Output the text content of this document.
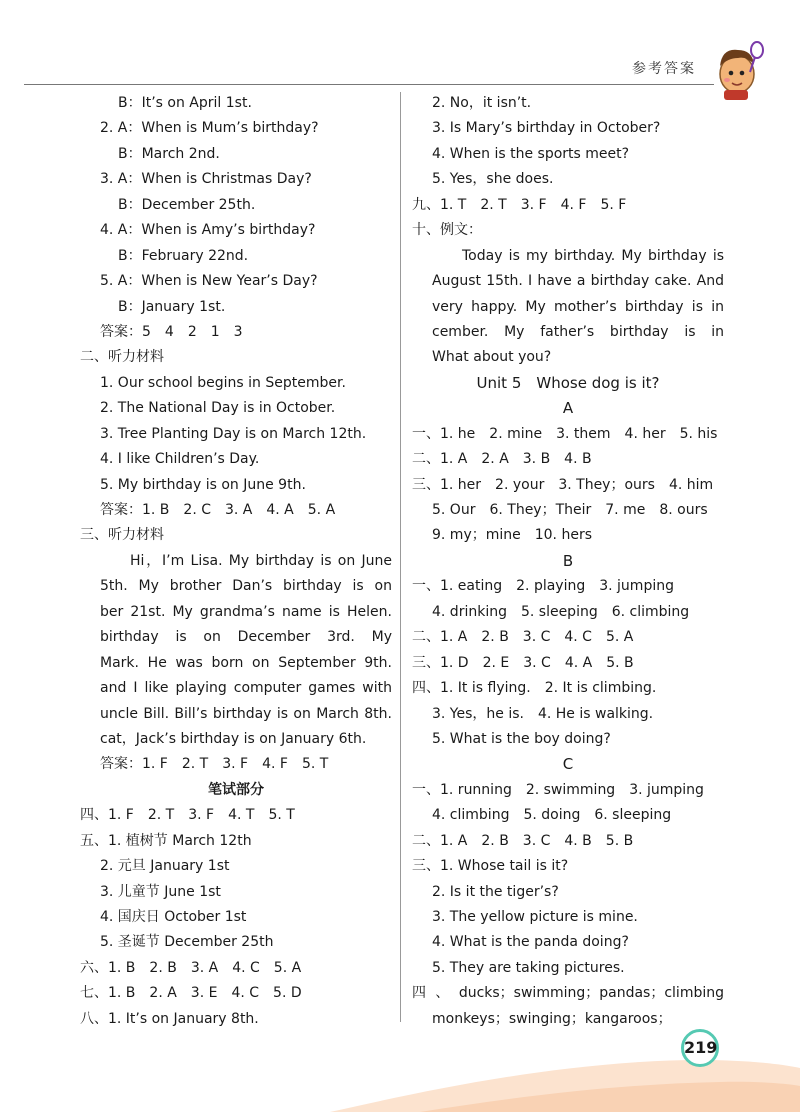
参考答案
B：It’s on April 1st.
2. A：When is Mum’s birthday?
B：March 2nd.
3. A：When is Christmas Day?
B：December 25th.
4. A：When is Amy’s birthday?
B：February 22nd.
5. A：When is New Year’s Day?
B：January 1st.
答案：5　4　2　1　3
二、听力材料
1. Our school begins in September.
2. The National Day is in October.
3. Tree Planting Day is on March 12th.
4. I like Children’s Day.
5. My birthday is on June 9th.
答案：1. B　2. C　3. A　4. A　5. A
三、听力材料
Hi，I’m Lisa. My birthday is on June
5th. My brother Dan’s birthday is on
ber 21st. My grandma’s name is Helen.
birthday is on December 3rd. My
Mark. He was born on September 9th.
and I like playing computer games with
uncle Bill. Bill’s birthday is on March 8th.
cat，Jack’s birthday is on January 6th.
答案：1. F　2. T　3. F　4. F　5. T
笔试部分
四、1. F　2. T　3. F　4. T　5. T
五、1. 植树节 March 12th
2. 元旦 January 1st
3. 儿童节 June 1st
4. 国庆日 October 1st
5. 圣诞节 December 25th
六、1. B　2. B　3. A　4. C　5. A
七、1. B　2. A　3. E　4. C　5. D
八、1. It’s on January 8th.
2. No，it isn’t.
3. Is Mary’s birthday in October?
4. When is the sports meet?
5. Yes，she does.
九、1. T　2. T　3. F　4. F　5. F
十、例文：
Today is my birthday. My birthday is
August 15th. I have a birthday cake. And
very happy. My mother’s birthday is in
cember. My father’s birthday is in
What about you?
Unit 5　Whose dog is it?
A
一、1. he　2. mine　3. them　4. her　5. his
二、1. A　2. A　3. B　4. B
三、1. her　2. your　3. They；ours　4. him
5. Our　6. They；Their　7. me　8. ours
9. my；mine　10. hers
B
一、1. eating　2. playing　3. jumping
4. drinking　5. sleeping　6. climbing
二、1. A　2. B　3. C　4. C　5. A
三、1. D　2. E　3. C　4. A　5. B
四、1. It is flying.　2. It is climbing.
3. Yes，he is.　4. He is walking.
5. What is the boy doing?
C
一、1. running　2. swimming　3. jumping
4. climbing　5. doing　6. sleeping
二、1. A　2. B　3. C　4. B　5. B
三、1. Whose tail is it?
2. Is it the tiger’s?
3. The yellow picture is mine.
4. What is the panda doing?
5. They are taking pictures.
四、ducks；swimming；pandas；climbing
monkeys；swinging；kangaroos；
219
